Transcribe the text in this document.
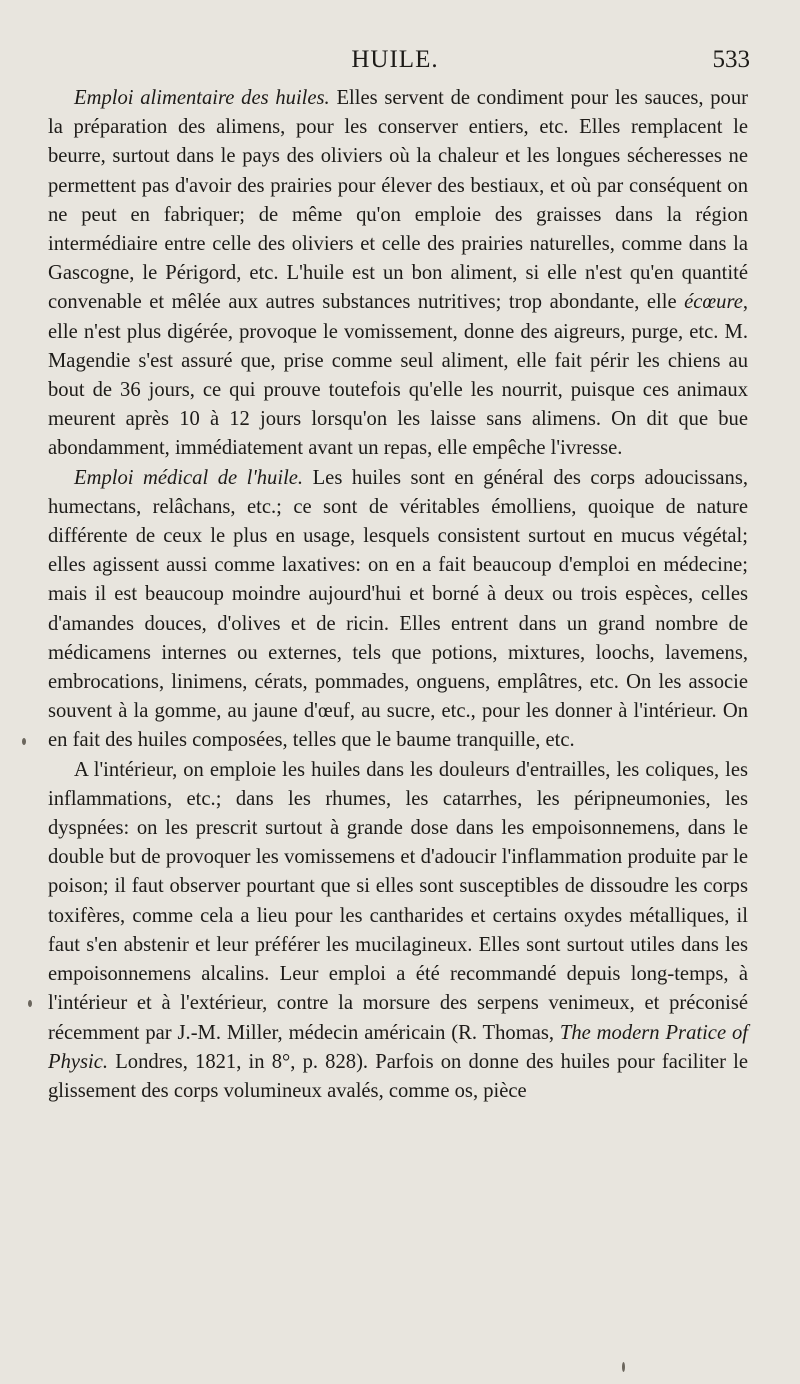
HUILE.	533

Emploi alimentaire des huiles. Elles servent de condiment pour les sauces, pour la préparation des alimens, pour les conserver entiers, etc. Elles remplacent le beurre, surtout dans le pays des oliviers où la chaleur et les longues sécheresses ne permettent pas d'avoir des prairies pour élever des bestiaux, et où par conséquent on ne peut en fabriquer; de même qu'on emploie des graisses dans la région intermédiaire entre celle des oliviers et celle des prairies naturelles, comme dans la Gascogne, le Périgord, etc. L'huile est un bon aliment, si elle n'est qu'en quantité convenable et mêlée aux autres substances nutritives; trop abondante, elle écœure, elle n'est plus digérée, provoque le vomissement, donne des aigreurs, purge, etc. M. Magendie s'est assuré que, prise comme seul aliment, elle fait périr les chiens au bout de 36 jours, ce qui prouve toutefois qu'elle les nourrit, puisque ces animaux meurent après 10 à 12 jours lorsqu'on les laisse sans alimens. On dit que bue abondamment, immédiatement avant un repas, elle empêche l'ivresse.

Emploi médical de l'huile. Les huiles sont en général des corps adoucissans, humectans, relâchans, etc.; ce sont de véritables émolliens, quoique de nature différente de ceux le plus en usage, lesquels consistent surtout en mucus végétal; elles agissent aussi comme laxatives: on en a fait beaucoup d'emploi en médecine; mais il est beaucoup moindre aujourd'hui et borné à deux ou trois espèces, celles d'amandes douces, d'olives et de ricin. Elles entrent dans un grand nombre de médicamens internes ou externes, tels que potions, mixtures, loochs, lavemens, embrocations, linimens, cérats, pommades, onguens, emplâtres, etc. On les associe souvent à la gomme, au jaune d'œuf, au sucre, etc., pour les donner à l'intérieur. On en fait des huiles composées, telles que le baume tranquille, etc.

A l'intérieur, on emploie les huiles dans les douleurs d'entrailles, les coliques, les inflammations, etc.; dans les rhumes, les catarrhes, les péripneumonies, les dyspnées: on les prescrit surtout à grande dose dans les empoisonnemens, dans le double but de provoquer les vomissemens et d'adoucir l'inflammation produite par le poison; il faut observer pourtant que si elles sont susceptibles de dissoudre les corps toxifères, comme cela a lieu pour les cantharides et certains oxydes métalliques, il faut s'en abstenir et leur préférer les mucilagineux. Elles sont surtout utiles dans les empoisonnemens alcalins. Leur emploi a été recommandé depuis long-temps, à l'intérieur et à l'extérieur, contre la morsure des serpens venimeux, et préconisé récemment par J.-M. Miller, médecin américain (R. Thomas, The modern Pratice of Physic. Londres, 1821, in 8°, p. 828). Parfois on donne des huiles pour faciliter le glissement des corps volumineux avalés, comme os, pièce
